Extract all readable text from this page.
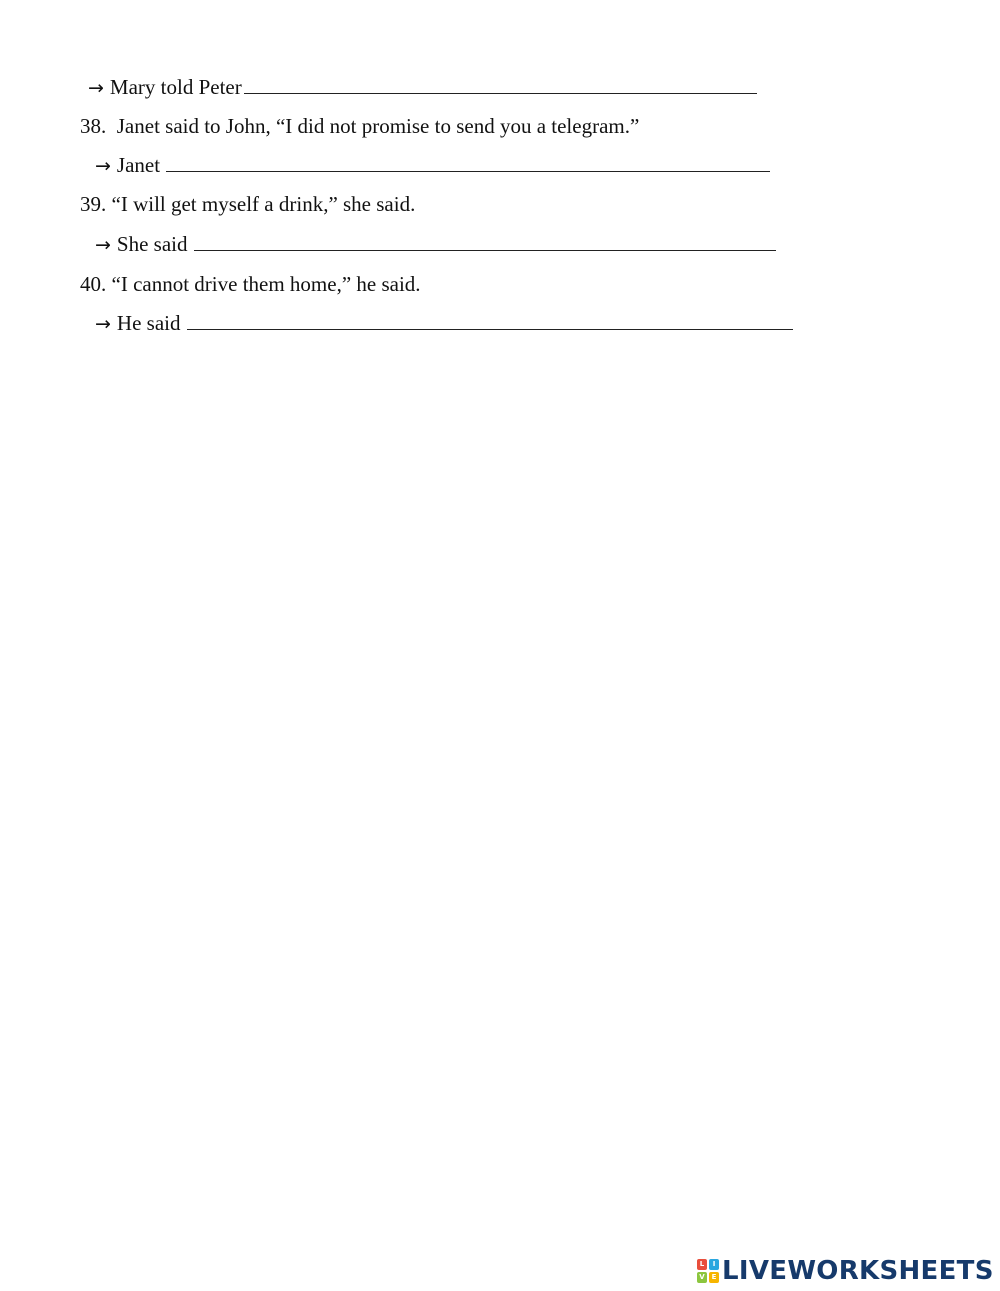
→ Mary told Peter
38. Janet said to John, “I did not promise to send you a telegram.”
→ Janet
39. “I will get myself a drink,” she said.
→ She said
40. “I cannot drive them home,” he said.
→ He said
L	I
V E LIVEWORKSHEETS
